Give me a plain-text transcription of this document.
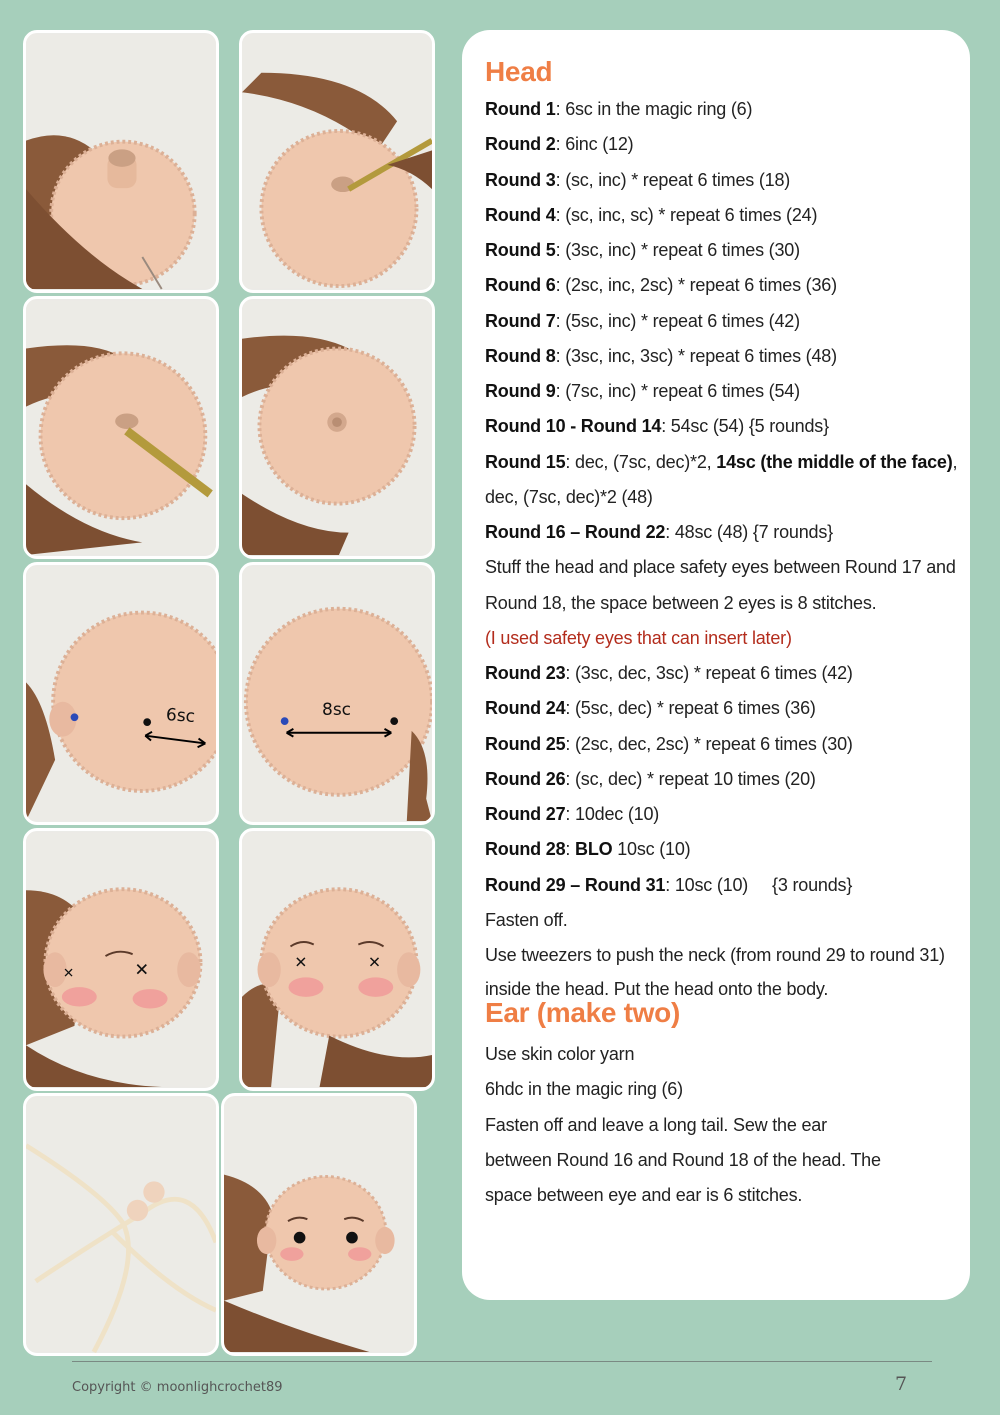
6sc	8sc
✕
✕
✕	✕
Head
Round 1: 6sc in the magic ring (6)
Round 2: 6inc (12)
Round 3: (sc, inc) * repeat 6 times (18)
Round 4: (sc, inc, sc) * repeat 6 times (24)
Round 5: (3sc, inc) * repeat 6 times (30)
Round 6: (2sc, inc, 2sc) * repeat 6 times (36)
Round 7: (5sc, inc) * repeat 6 times (42)
Round 8: (3sc, inc, 3sc) * repeat 6 times (48)
Round 9: (7sc, inc) * repeat 6 times (54)
Round 10 - Round 14: 54sc (54) {5 rounds}
Round 15: dec, (7sc, dec)*2, 14sc (the middle of the face),
dec, (7sc, dec)*2 (48)
Round 16 – Round 22: 48sc (48) {7 rounds}
Stuff the head and place safety eyes between Round 17 and
Round 18, the space between 2 eyes is 8 stitches.
(I used safety eyes that can insert later)
Round 23: (3sc, dec, 3sc) * repeat 6 times (42)
Round 24: (5sc, dec) * repeat 6 times (36)
Round 25: (2sc, dec, 2sc) * repeat 6 times (30)
Round 26: (sc, dec) * repeat 10 times (20)
Round 27: 10dec (10)
Round 28: BLO 10sc (10)
Round 29 – Round 31: 10sc (10)     {3 rounds}
Fasten off.
Use tweezers to push the neck (from round 29 to round 31)
inside the head. Put the head onto the body.
Ear (make two)
Use skin color yarn
6hdc in the magic ring (6)
Fasten off and leave a long tail. Sew the ear
between Round 16 and Round 18 of the head. The
space between eye and ear is 6 stitches.
Copyright © moonlighcrochet89	7
